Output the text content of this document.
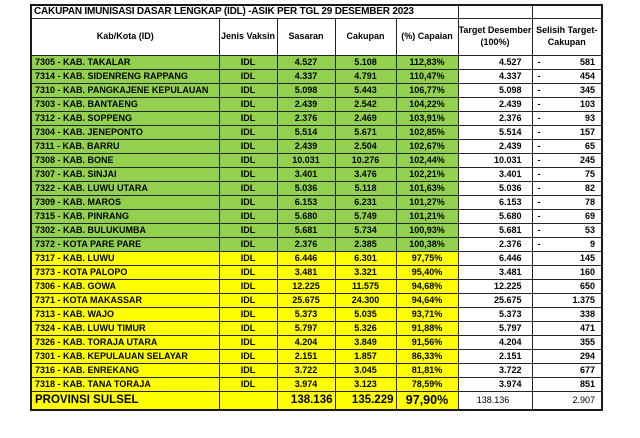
CAKUPAN IMUNISASI DASAR LENGKAP (IDL) -ASIK PER TGL 29 DESEMBER 2023						
Kab/Kota (ID)	Jenis Vaksin	Sasaran	Cakupan	(%) Capaian	Target Desember (100%)	Selisih Target-Cakupan
7305 - KAB. TAKALAR	IDL	4.527	5.108	112,83%	4.527	- 581

7314 - KAB. SIDENRENG RAPPANG	IDL	4.337	4.791	110,47%	4.337	- 454

7310 - KAB. PANGKAJENE KEPULAUAN	IDL	5.098	5.443	106,77%	5.098	- 345

7303 - KAB. BANTAENG	IDL	2.439	2.542	104,22%	2.439	- 103

7312 - KAB. SOPPENG	IDL	2.376	2.469	103,91%	2.376	- 93

7304 - KAB. JENEPONTO	IDL	5.514	5.671	102,85%	5.514	- 157

7311 - KAB. BARRU	IDL	2.439	2.504	102,67%	2.439	- 65

7308 - KAB. BONE	IDL	10.031	10.276	102,44%	10.031	- 245

7307 - KAB. SINJAI	IDL	3.401	3.476	102,21%	3.401	- 75

7322 - KAB. LUWU UTARA	IDL	5.036	5.118	101,63%	5.036	- 82

7309 - KAB. MAROS	IDL	6.153	6.231	101,27%	6.153	- 78

7315 - KAB. PINRANG	IDL	5.680	5.749	101,21%	5.680	- 69

7302 - KAB. BULUKUMBA	IDL	5.681	5.734	100,93%	5.681	- 53

7372 - KOTA PARE PARE	IDL	2.376	2.385	100,38%	2.376	- 9

7317 - KAB. LUWU	IDL	6.446	6.301	97,75%	6.446	145

7373 - KOTA PALOPO	IDL	3.481	3.321	95,40%	3.481	160

7306 - KAB. GOWA	IDL	12.225	11.575	94,68%	12.225	650

7371 - KOTA MAKASSAR	IDL	25.675	24.300	94,64%	25.675	1.375

7313 - KAB. WAJO	IDL	5.373	5.035	93,71%	5.373	338

7324 - KAB. LUWU TIMUR	IDL	5.797	5.326	91,88%	5.797	471

7326 - KAB. TORAJA UTARA	IDL	4.204	3.849	91,56%	4.204	355

7301 - KAB. KEPULAUAN SELAYAR	IDL	2.151	1.857	86,33%	2.151	294

7316 - KAB. ENREKANG	IDL	3.722	3.045	81,81%	3.722	677

7318 - KAB. TANA TORAJA	IDL	3.974	3.123	78,59%	3.974	851

PROVINSI SULSEL		138.136	135.229	97,90%	138.136	2.907
